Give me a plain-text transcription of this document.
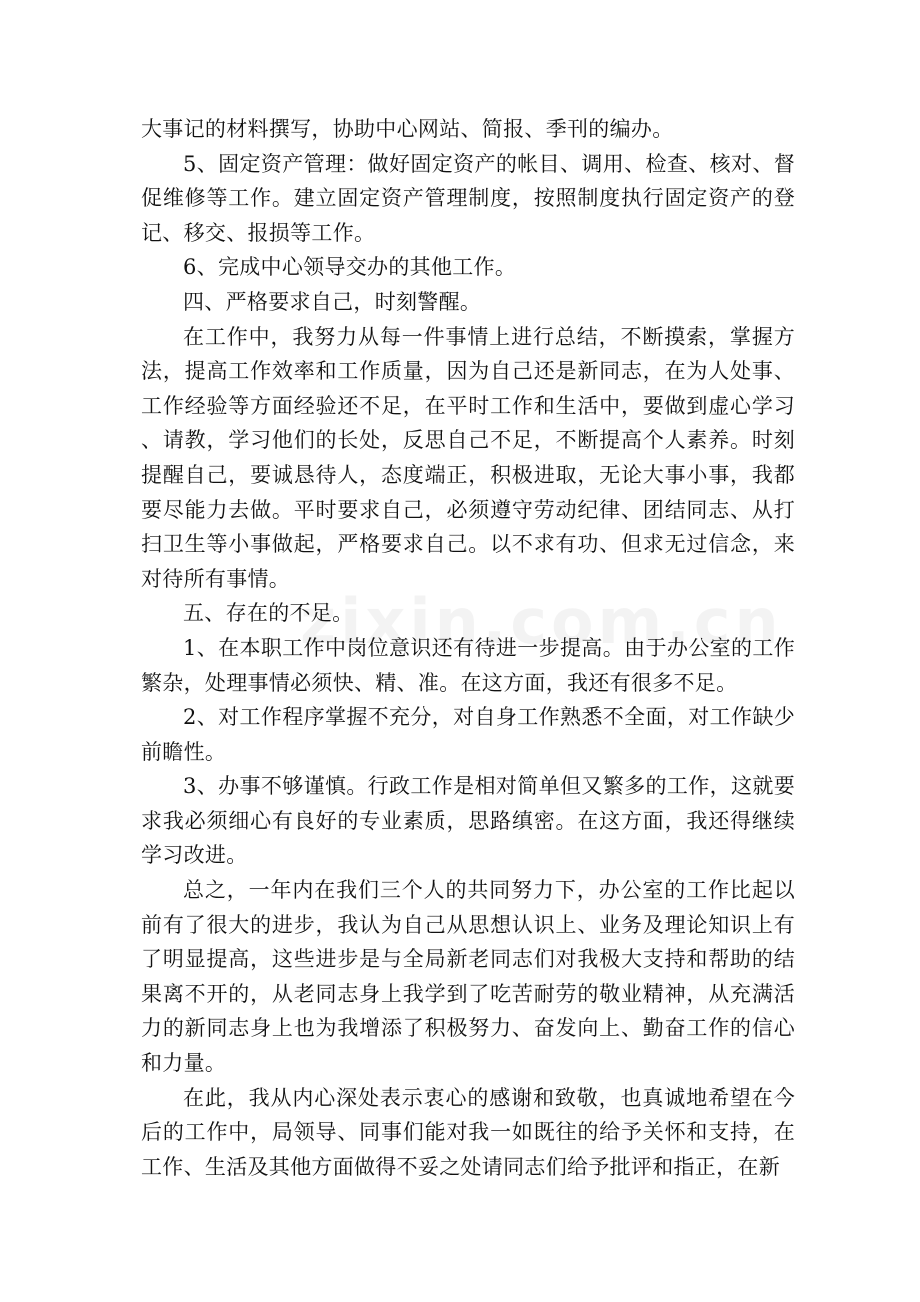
大事记的材料撰写，协助中心网站、简报、季刊的编办。

5、固定资产管理：做好固定资产的帐目、调用、检查、核对、督促维修等工作。建立固定资产管理制度，按照制度执行固定资产的登记、移交、报损等工作。

6、完成中心领导交办的其他工作。

四、严格要求自己，时刻警醒。

在工作中，我努力从每一件事情上进行总结，不断摸索，掌握方法，提高工作效率和工作质量，因为自己还是新同志，在为人处事、工作经验等方面经验还不足，在平时工作和生活中，要做到虚心学习、请教，学习他们的长处，反思自己不足，不断提高个人素养。时刻提醒自己，要诚恳待人，态度端正，积极进取，无论大事小事，我都要尽能力去做。平时要求自己，必须遵守劳动纪律、团结同志、从打扫卫生等小事做起，严格要求自己。以不求有功、但求无过信念，来对待所有事情。

五、存在的不足。

1、在本职工作中岗位意识还有待进一步提高。由于办公室的工作繁杂，处理事情必须快、精、准。在这方面，我还有很多不足。

2、对工作程序掌握不充分，对自身工作熟悉不全面，对工作缺少前瞻性。

3、办事不够谨慎。行政工作是相对简单但又繁多的工作，这就要求我必须细心有良好的专业素质，思路缜密。在这方面，我还得继续学习改进。

总之，一年内在我们三个人的共同努力下，办公室的工作比起以前有了很大的进步，我认为自己从思想认识上、业务及理论知识上有了明显提高，这些进步是与全局新老同志们对我极大支持和帮助的结果离不开的，从老同志身上我学到了吃苦耐劳的敬业精神，从充满活力的新同志身上也为我增添了积极努力、奋发向上、勤奋工作的信心和力量。

在此，我从内心深处表示衷心的感谢和致敬，也真诚地希望在今后的工作中，局领导、同事们能对我一如既往的给予关怀和支持，在工作、生活及其他方面做得不妥之处请同志们给予批评和指正，在新
